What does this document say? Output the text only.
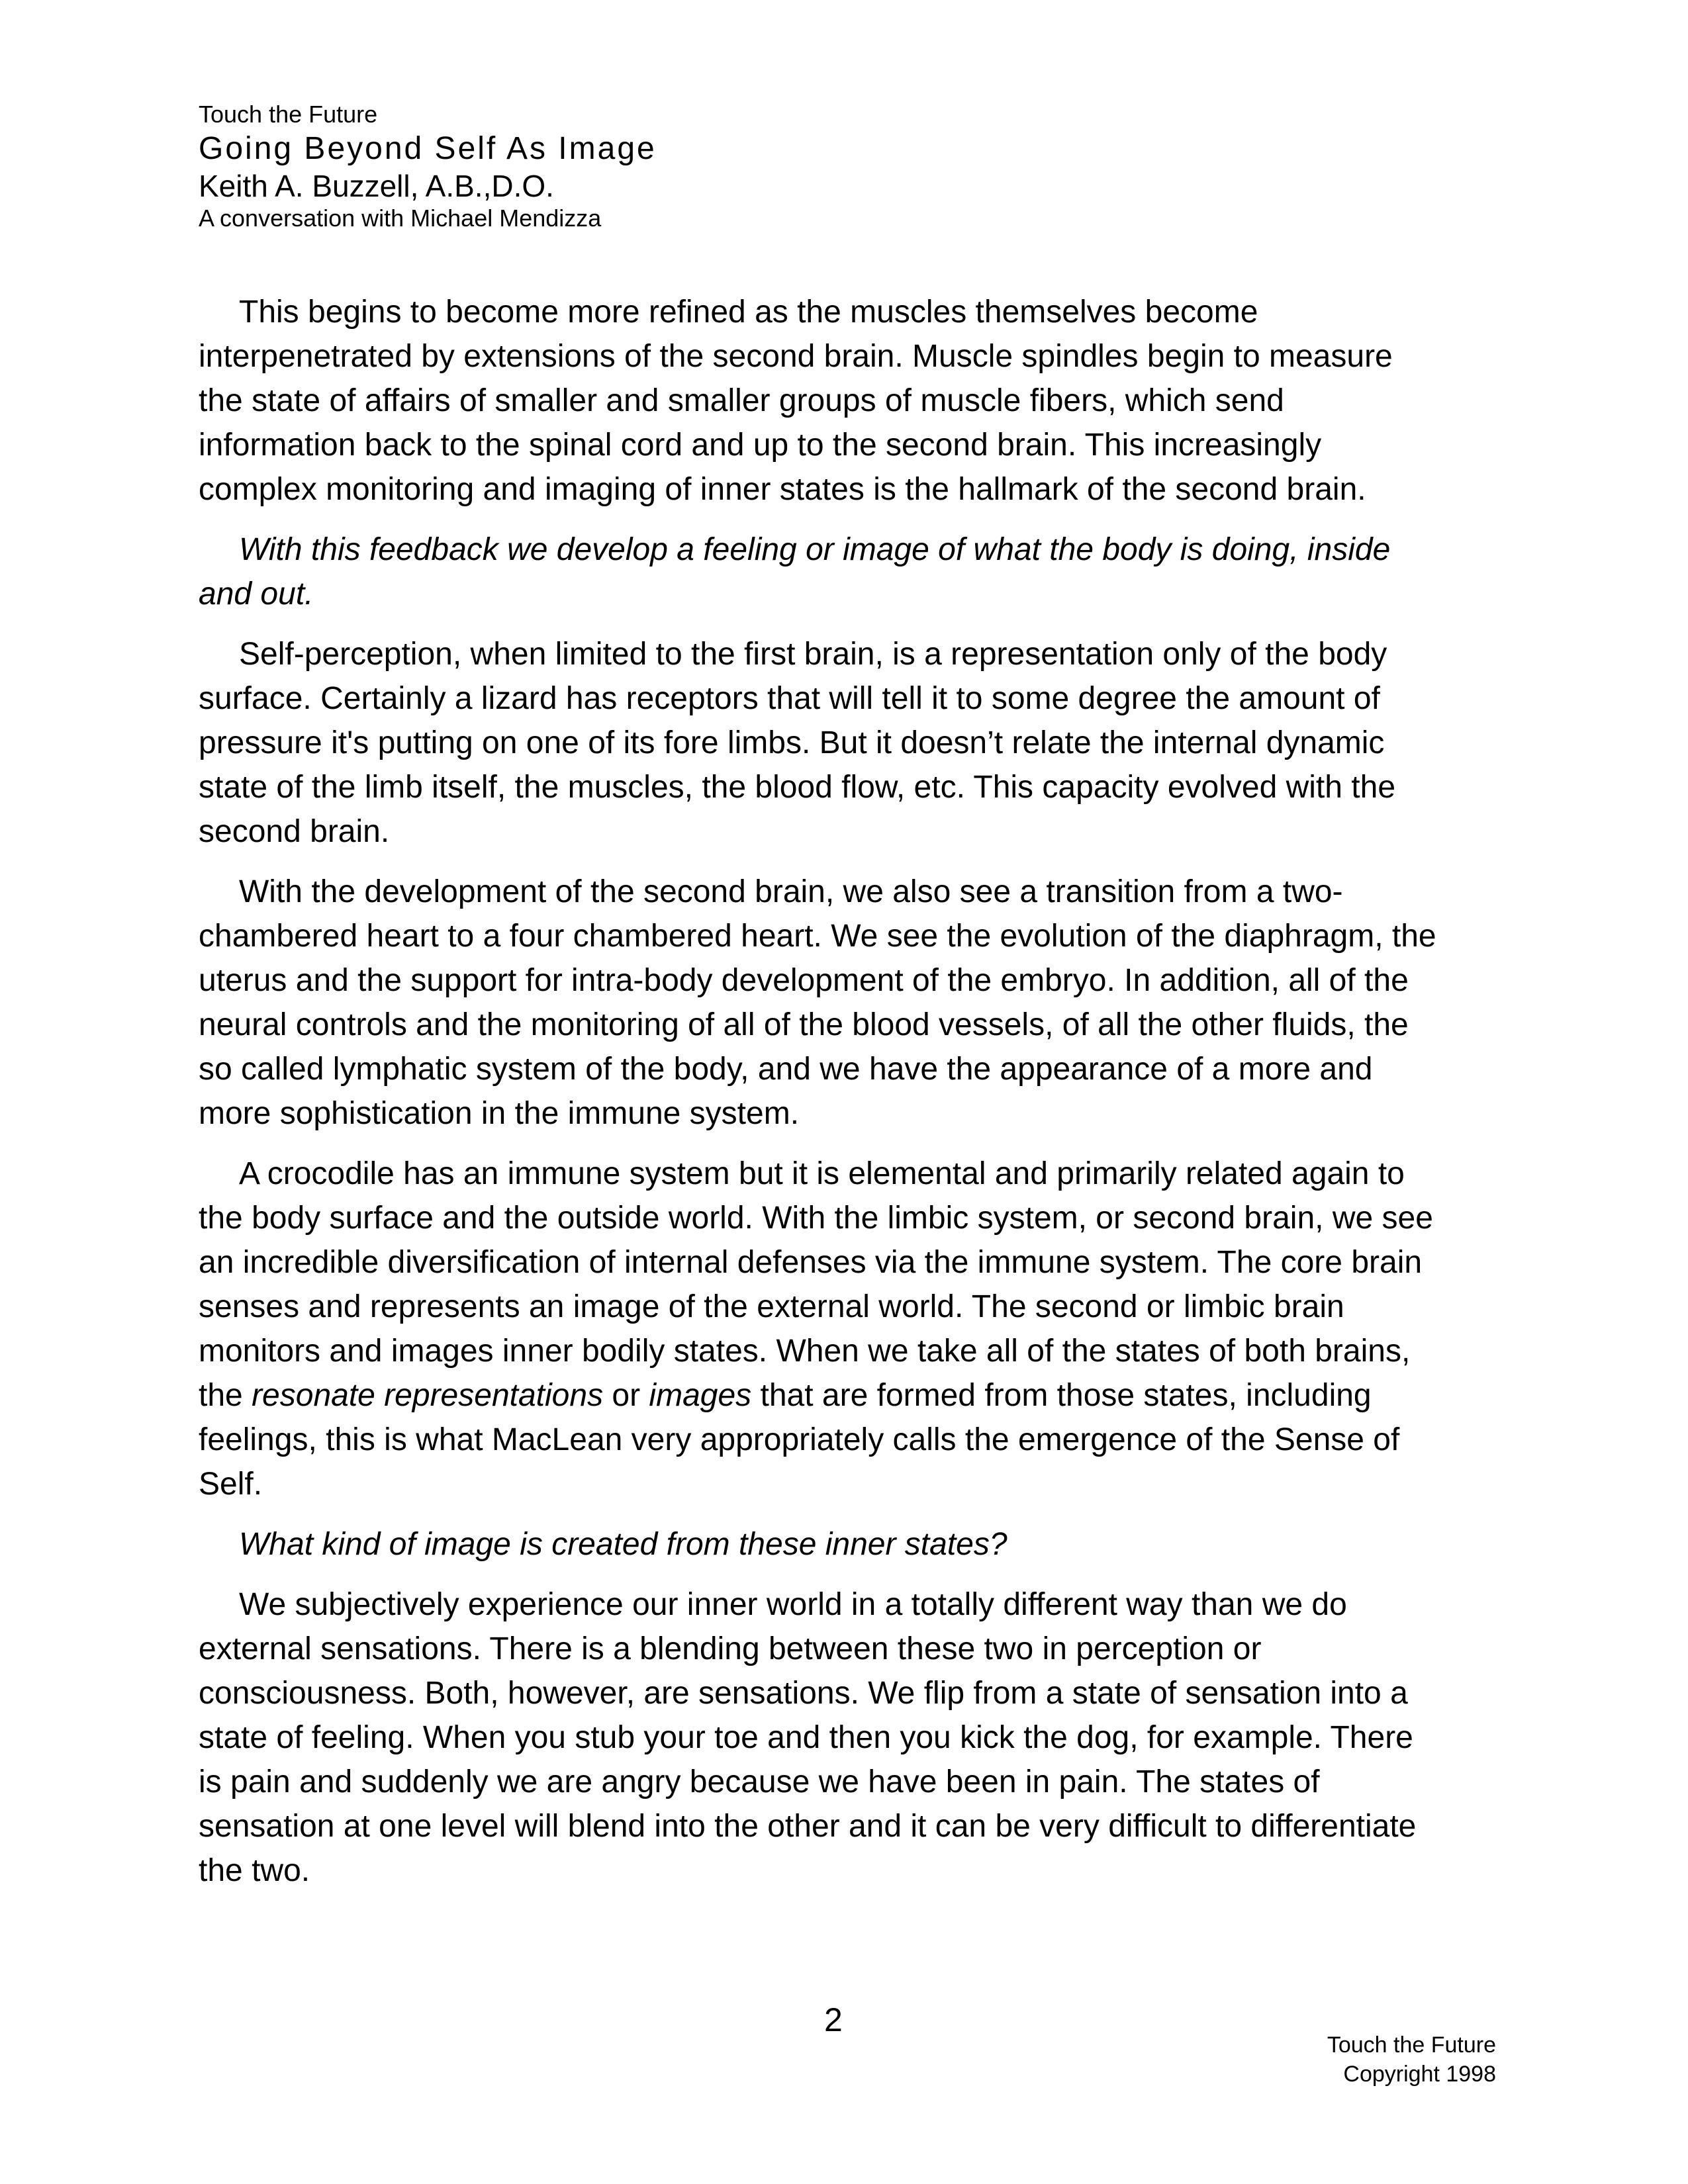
Touch the Future
Going Beyond Self As Image
Keith A. Buzzell, A.B.,D.O.
A conversation with Michael Mendizza

This begins to become more refined as the muscles themselves become
interpenetrated by extensions of the second brain. Muscle spindles begin to measure
the state of affairs of smaller and smaller groups of muscle fibers, which send
information back to the spinal cord and up to the second brain. This increasingly
complex monitoring and imaging of inner states is the hallmark of the second brain.

With this feedback we develop a feeling or image of what the body is doing, inside
and out.

Self-perception, when limited to the first brain, is a representation only of the body
surface. Certainly a lizard has receptors that will tell it to some degree the amount of
pressure it's putting on one of its fore limbs. But it doesn’t relate the internal dynamic
state of the limb itself, the muscles, the blood flow, etc. This capacity evolved with the
second brain.

With the development of the second brain, we also see a transition from a two-
chambered heart to a four chambered heart. We see the evolution of the diaphragm, the
uterus and the support for intra-body development of the embryo. In addition, all of the
neural controls and the monitoring of all of the blood vessels, of all the other fluids, the
so called lymphatic system of the body, and we have the appearance of a more and
more sophistication in the immune system.

A crocodile has an immune system but it is elemental and primarily related again to
the body surface and the outside world. With the limbic system, or second brain, we see
an incredible diversification of internal defenses via the immune system. The core brain
senses and represents an image of the external world. The second or limbic brain
monitors and images inner bodily states. When we take all of the states of both brains,
the resonate representations or images that are formed from those states, including
feelings, this is what MacLean very appropriately calls the emergence of the Sense of
Self.

What kind of image is created from these inner states?

We subjectively experience our inner world in a totally different way than we do
external sensations. There is a blending between these two in perception or
consciousness. Both, however, are sensations. We flip from a state of sensation into a
state of feeling. When you stub your toe and then you kick the dog, for example. There
is pain and suddenly we are angry because we have been in pain. The states of
sensation at one level will blend into the other and it can be very difficult to differentiate
the two.

2
Touch the Future
Copyright 1998
